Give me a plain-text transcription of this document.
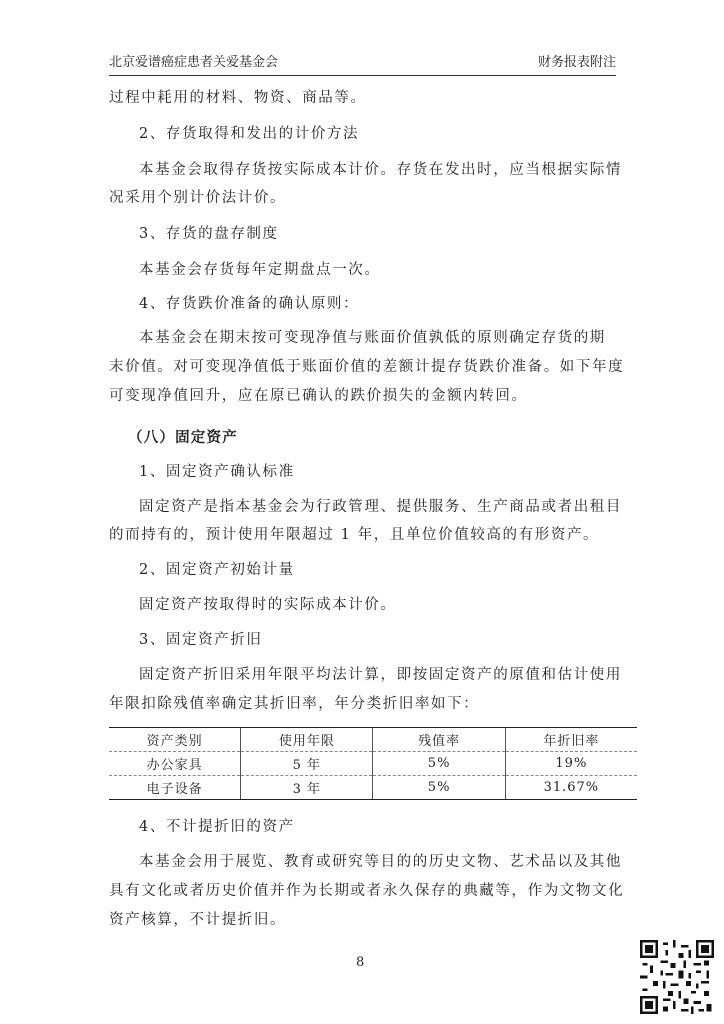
北京爱谱癌症患者关爱基金会	财务报表附注
过程中耗用的材料、物资、商品等。
2、存货取得和发出的计价方法
本基金会取得存货按实际成本计价。存货在发出时，应当根据实际情
况采用个别计价法计价。
3、存货的盘存制度
本基金会存货每年定期盘点一次。
4、存货跌价准备的确认原则：
本基金会在期末按可变现净值与账面价值孰低的原则确定存货的期
末价值。对可变现净值低于账面价值的差额计提存货跌价准备。如下年度
可变现净值回升，应在原已确认的跌价损失的金额内转回。
（八）固定资产
1、固定资产确认标准
固定资产是指本基金会为行政管理、提供服务、生产商品或者出租目
的而持有的，预计使用年限超过 1 年，且单位价值较高的有形资产。
2、固定资产初始计量
固定资产按取得时的实际成本计价。
3、固定资产折旧
固定资产折旧采用年限平均法计算，即按固定资产的原值和估计使用
年限扣除残值率确定其折旧率，年分类折旧率如下：
资产类别	使用年限	残值率	年折旧率
办公家具	5 年	5%	19%
电子设备	3 年	5%	31.67%
4、不计提折旧的资产
本基金会用于展览、教育或研究等目的的历史文物、艺术品以及其他
具有文化或者历史价值并作为长期或者永久保存的典藏等，作为文物文化
资产核算，不计提折旧。
8
